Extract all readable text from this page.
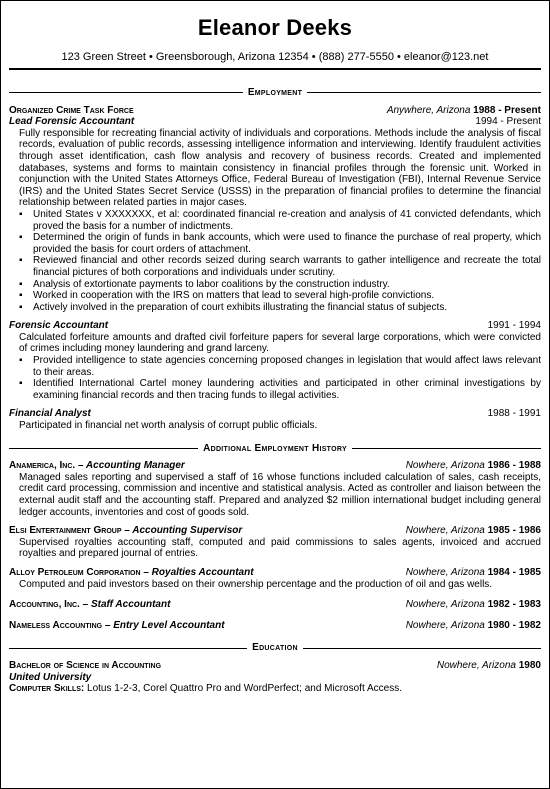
Eleanor Deeks
123 Green Street • Greensborough, Arizona 12354 • (888) 277-5550 • eleanor@123.net
Employment
Organized Crime Task Force	Anywhere, Arizona 1988 - Present
Lead Forensic Accountant	1994 - Present
Fully responsible for recreating financial activity of individuals and corporations. Methods include the analysis of fiscal records, evaluation of public records, assessing intelligence information and interviewing. Identify fraudulent activities through asset identification, cash flow analysis and recovery of business records. Created and implemented databases, systems and forms to maintain consistency in financial profiles through the forensic unit. Worked in conjunction with the United States Attorneys Office, Federal Bureau of Investigation (FBI), Internal Revenue Service (IRS) and the United States Secret Service (USSS) in the preparation of financial profiles to determine the financial relationship between related parties in major cases.
▪ United States v XXXXXXX, et al: coordinated financial re-creation and analysis of 41 convicted defendants, which proved the basis for a number of indictments.
▪ Determined the origin of funds in bank accounts, which were used to finance the purchase of real property, which provided the basis for court orders of attachment.
▪ Reviewed financial and other records seized during search warrants to gather intelligence and recreate the total financial pictures of both corporations and individuals under scrutiny.
▪ Analysis of extortionate payments to labor coalitions by the construction industry.
▪ Worked in cooperation with the IRS on matters that lead to several high-profile convictions.
▪ Actively involved in the preparation of court exhibits illustrating the financial status of subjects.
Forensic Accountant	1991 - 1994
Calculated forfeiture amounts and drafted civil forfeiture papers for several large corporations, which were convicted of crimes including money laundering and grand larceny.
▪ Provided intelligence to state agencies concerning proposed changes in legislation that would affect laws relevant to their areas.
▪ Identified International Cartel money laundering activities and participated in other criminal investigations by examining financial records and then tracing funds to illegal activities.
Financial Analyst	1988 - 1991
Participated in financial net worth analysis of corrupt public officials.
Additional Employment History
Anamerica, Inc. – Accounting Manager	Nowhere, Arizona 1986 - 1988
Managed sales reporting and supervised a staff of 16 whose functions included calculation of sales, cash receipts, credit card processing, commission and incentive and statistical analysis. Acted as controller and liaison between the external audit staff and the accounting staff. Prepared and analyzed $2 million international budget including general ledger accounts, inventories and cost of goods sold.
Elsi Entertainment Group – Accounting Supervisor	Nowhere, Arizona 1985 - 1986
Supervised royalties accounting staff, computed and paid commissions to sales agents, invoiced and accrued royalties and prepared journal of entries.
Alloy Petroleum Corporation – Royalties Accountant	Nowhere, Arizona 1984 - 1985
Computed and paid investors based on their ownership percentage and the production of oil and gas wells.
Accounting, Inc. – Staff Accountant	Nowhere, Arizona 1982 - 1983
Nameless Accounting – Entry Level Accountant	Nowhere, Arizona 1980 - 1982
Education
Bachelor of Science in Accounting	Nowhere, Arizona 1980
United University
Computer Skills: Lotus 1-2-3, Corel Quattro Pro and WordPerfect; and Microsoft Access.
